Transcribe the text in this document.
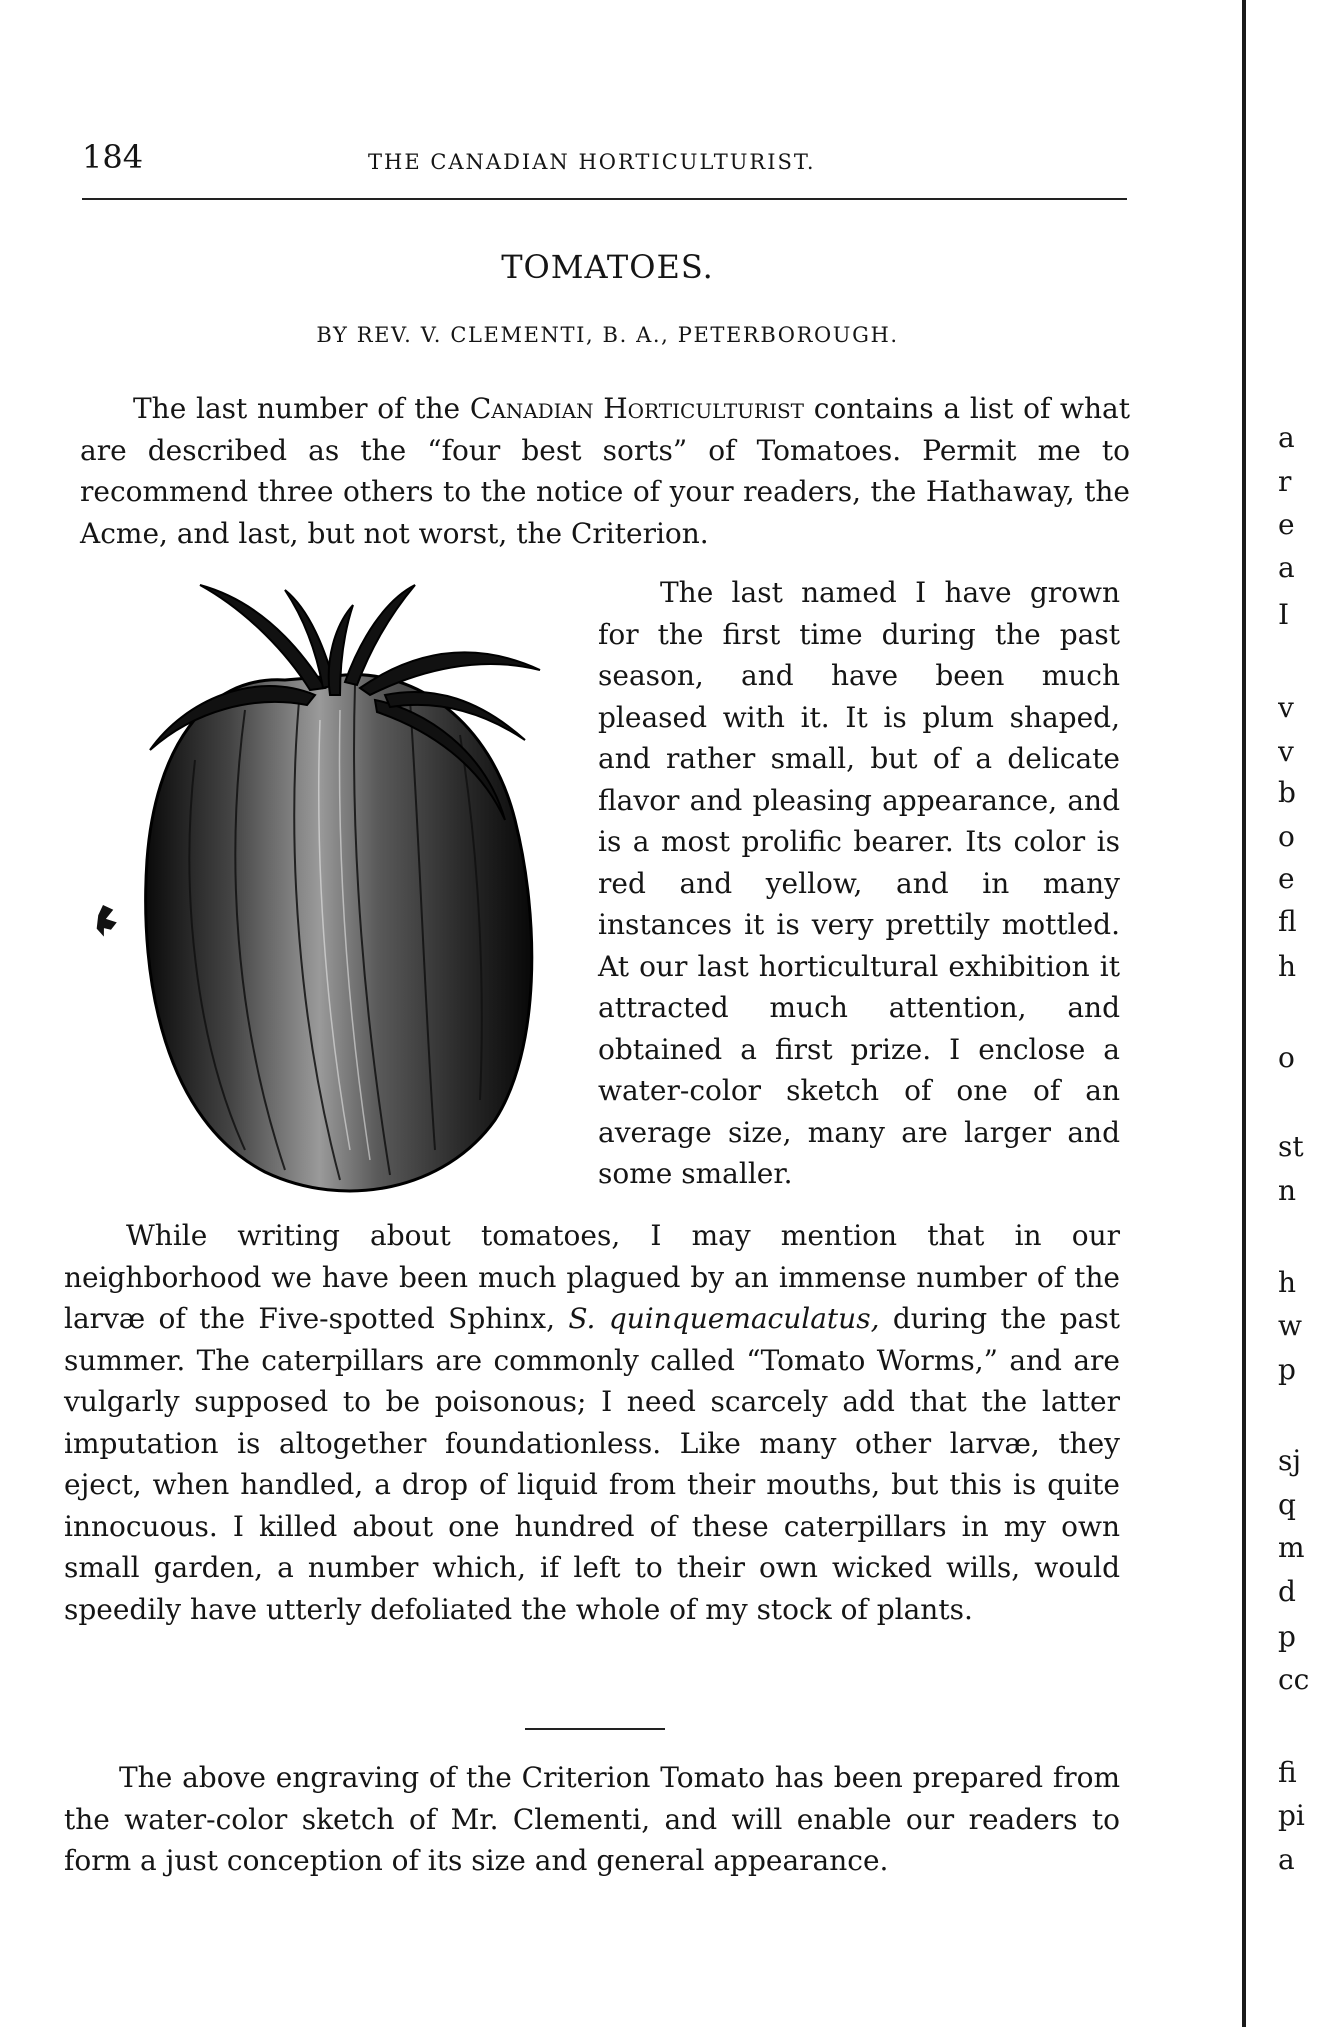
184	THE CANADIAN HORTICULTURIST.
TOMATOES.
BY REV. V. CLEMENTI, B. A., PETERBOROUGH.

The last number of the Canadian Horticulturist contains a list of what are described as the “four best sorts” of Tomatoes. Permit me to recommend three others to the notice of your readers, the Hathaway, the Acme, and last, but not worst, the Criterion.

The last named I have grown for the first time during the past season, and have been much pleased with it. It is plum shaped, and rather small, but of a delicate flavor and pleasing appearance, and is a most prolific bearer. Its color is red and yellow, and in many instances it is very prettily mottled. At our last horticultural exhibition it attracted much attention, and obtained a first prize. I enclose a water-color sketch of one of an average size, many are larger and some smaller.

While writing about tomatoes, I may mention that in our neighborhood we have been much plagued by an immense number of the larvæ of the Five-spotted Sphinx, S. quinquemaculatus, during the past summer. The caterpillars are commonly called “Tomato Worms,” and are vulgarly supposed to be poisonous; I need scarcely add that the latter imputation is altogether foundationless. Like many other larvæ, they eject, when handled, a drop of liquid from their mouths, but this is quite innocuous. I killed about one hundred of these caterpillars in my own small garden, a number which, if left to their own wicked wills, would speedily have utterly defoliated the whole of my stock of plants.

The above engraving of the Criterion Tomato has been prepared from the water-color sketch of Mr. Clementi, and will enable our readers to form a just conception of its size and general appearance.

a
r
e
a
I
v
v
b
o
e
fl
h
o
st
n
h
w
p
sj
q
m
d
p
cc
fi
pi
a
